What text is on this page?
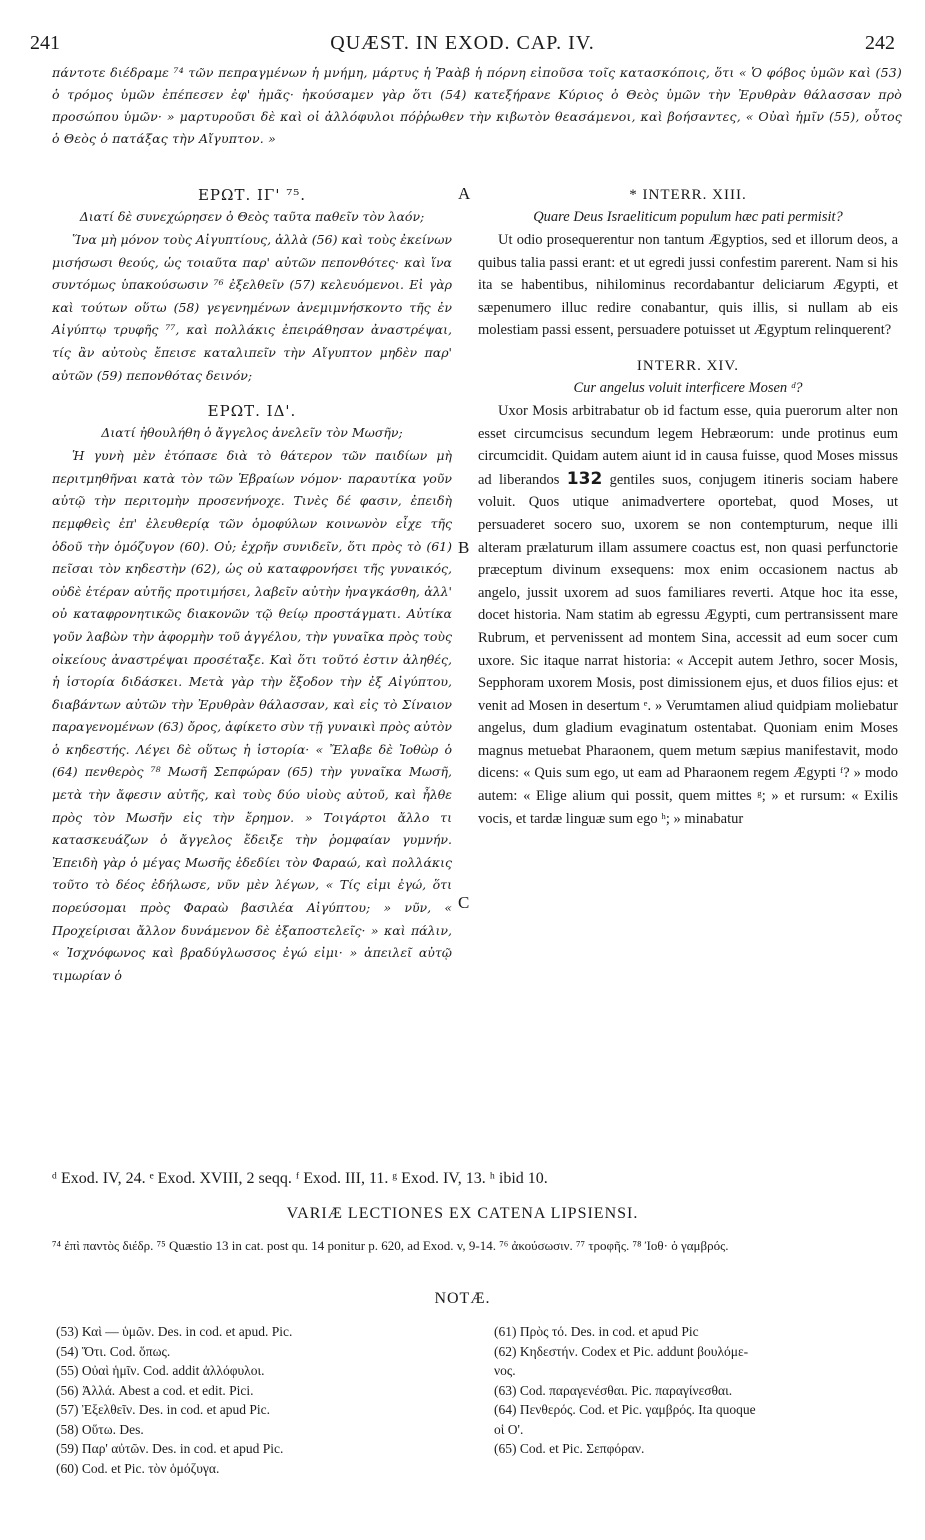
241	QUÆST. IN EXOD. CAP. IV.	242
πάντοτε διέδραμε ⁷⁴ τῶν πεπραγμένων ἡ μνήμη, μάρτυς ἡ Ῥαὰβ ἡ πόρνη εἰποῦσα τοῖς κατασκόποις, ὅτι « Ὁ φόβος ὑμῶν καὶ (53) ὁ τρόμος ὑμῶν ἐπέπεσεν ἐφ' ἡμᾶς· ἠκούσαμεν γὰρ ὅτι (54) κατεξήρανε Κύριος ὁ Θεὸς ὑμῶν τὴν Ἐρυθρὰν θάλασσαν πρὸ προσώπου ὑμῶν· » μαρτυροῦσι δὲ καὶ οἱ ἀλλόφυλοι πόῤῥωθεν τὴν κιβωτὸν θεασάμενοι, καὶ βοήσαντες, « Οὐαὶ ἡμῖν (55), οὗτος ὁ Θεὸς ὁ πατάξας τὴν Αἴγυπτον. »
ΕΡΩΤ. ΙΓ' ⁷⁵.
Διατί δὲ συνεχώρησεν ὁ Θεὸς ταῦτα παθεῖν τὸν λαόν;

Ἵνα μὴ μόνον τοὺς Αἰγυπτίους, ἀλλὰ (56) καὶ τοὺς ἐκείνων μισήσωσι θεούς, ὡς τοιαῦτα παρ' αὐτῶν πεπονθότες· καὶ ἵνα συντόμως ὑπακούσωσιν ⁷⁶ ἐξελθεῖν (57) κελευόμενοι. Εἰ γὰρ καὶ τούτων οὕτω (58) γεγενημένων ἀνεμιμνήσκοντο τῆς ἐν Αἰγύπτῳ τρυφῆς ⁷⁷, καὶ πολλάκις ἐπειράθησαν ἀναστρέψαι, τίς ἂν αὐτοὺς ἔπεισε καταλιπεῖν τὴν Αἴγυπτον μηδὲν παρ' αὐτῶν (59) πεπονθότας δεινόν;

ΕΡΩΤ. ΙΔ'.
Διατί ἠθουλήθη ὁ ἄγγελος ἀνελεῖν τὸν Μωσῆν;

Ἡ γυνὴ μὲν ἐτόπασε διὰ τὸ θάτερον τῶν παιδίων μὴ περιτμηθῆναι κατὰ τὸν τῶν Ἑβραίων νόμον· παραυτίκα γοῦν αὐτῷ τὴν περιτομὴν προσενήνοχε. Τινὲς δέ φασιν, ἐπειδὴ πεμφθεὶς ἐπ' ἐλευθερίᾳ τῶν ὁμοφύλων κοινωνὸν εἶχε τῆς ὁδοῦ τὴν ὁμόζυγον (60). Οὐ; ἐχρῆν συνιδεῖν, ὅτι πρὸς τὸ (61) πεῖσαι τὸν κηδεστὴν (62), ὡς οὐ καταφρονήσει τῆς γυναικός, οὐδὲ ἑτέραν αὐτῆς προτιμήσει, λαβεῖν αὐτὴν ἠναγκάσθη, ἀλλ' οὐ καταφρονητικῶς διακονῶν τῷ θείῳ προστάγματι. Αὐτίκα γοῦν λαβὼν τὴν ἀφορμὴν τοῦ ἀγγέλου, τὴν γυναῖκα πρὸς τοὺς οἰκείους ἀναστρέψαι προσέταξε. Καὶ ὅτι τοῦτό ἐστιν ἀληθές, ἡ ἱστορία διδάσκει. Μετὰ γὰρ τὴν ἔξοδον τὴν ἐξ Αἰγύπτου, διαβάντων αὐτῶν τὴν Ἐρυθρὰν θάλασσαν, καὶ εἰς τὸ Σίναιον παραγενομένων (63) ὄρος, ἀφίκετο σὺν τῇ γυναικὶ πρὸς αὐτὸν ὁ κηδεστής. Λέγει δὲ οὕτως ἡ ἱστορία· « Ἔλαβε δὲ Ἰοθὼρ ὁ (64) πενθερὸς ⁷⁸ Μωσῆ Σεπφώραν (65) τὴν γυναῖκα Μωσῆ, μετὰ τὴν ἄφεσιν αὐτῆς, καὶ τοὺς δύο υἱοὺς αὐτοῦ, καὶ ἦλθε πρὸς τὸν Μωσῆν εἰς τὴν ἔρημον. » Τοιγάρτοι ἄλλο τι κατασκευάζων ὁ ἄγγελος ἔδειξε τὴν ῥομφαίαν γυμνήν. Ἐπειδὴ γὰρ ὁ μέγας Μωσῆς ἐδεδίει τὸν Φαραώ, καὶ πολλάκις τοῦτο τὸ δέος ἐδήλωσε, νῦν μὲν λέγων, « Τίς εἰμι ἐγώ, ὅτι πορεύσομαι πρὸς Φαραὼ βασιλέα Αἰγύπτου; » νῦν, « Προχείρισαι ἄλλον δυνάμενον δὲ ἐξαποστελεῖς· » καὶ πάλιν, « Ἰσχνόφωνος καὶ βραδύγλωσσος ἐγώ εἰμι· » ἀπειλεῖ αὐτῷ τιμωρίαν ὁ

* INTERR. XIII.
Quare Deus Israeliticum populum hæc pati permisit?

Ut odio prosequerentur non tantum Ægyptios, sed et illorum deos, a quibus talia passi erant: et ut egredi jussi confestim parerent. Nam si his ita se habentibus, nihilominus recordabantur deliciarum Ægypti, et sæpenumero illuc redire conabantur, quis illis, si nullam ab eis molestiam passi essent, persuadere potuisset ut Ægyptum relinquerent?

INTERR. XIV.
Cur angelus voluit interficere Mosen ᵈ?

Uxor Mosis arbitrabatur ob id factum esse, quia puerorum alter non esset circumcisus secundum legem Hebræorum: unde protinus eum circumcidit. Quidam autem aiunt id in causa fuisse, quod Moses missus ad liberandos 132 gentiles suos, conjugem itineris sociam habere voluit. Quos utique animadvertere oportebat, quod Moses, ut persuaderet socero suo, uxorem se non contempturum, neque illi alteram prælaturum illam assumere coactus est, non quasi perfunctorie præceptum divinum exsequens: mox enim occasionem nactus ab angelo, jussit uxorem ad suos familiares reverti. Atque hoc ita esse, docet historia. Nam statim ab egressu Ægypti, cum pertransissent mare Rubrum, et pervenissent ad montem Sina, accessit ad eum socer cum uxore. Sic itaque narrat historia: « Accepit autem Jethro, socer Mosis, Sepphoram uxorem Mosis, post dimissionem ejus, et duos filios ejus: et venit ad Mosen in desertum ᵉ. » Verumtamen aliud quidpiam moliebatur angelus, dum gladium evaginatum ostentabat. Quoniam enim Moses magnus metuebat Pharaonem, quem metum sæpius manifestavit, modo dicens: « Quis sum ego, ut eam ad Pharaonem regem Ægypti ᶠ? » modo autem: « Elige alium qui possit, quem mittes ᵍ; » et rursum: « Exilis vocis, et tardæ linguæ sum ego ʰ; » minabatur

A
B
C
ᵈ Exod. IV, 24. ᵉ Exod. XVIII, 2 seqq. ᶠ Exod. III, 11. ᵍ Exod. IV, 13. ʰ ibid 10.
VARIÆ LECTIONES EX CATENA LIPSIENSI.
⁷⁴ ἐπὶ παντὸς διέδρ. ⁷⁵ Quæstio 13 in cat. post qu. 14 ponitur p. 620, ad Exod. v, 9-14. ⁷⁶ ἀκούσωσιν. ⁷⁷ τροφῆς. ⁷⁸ Ἰοθ· ὁ γαμβρός.
NOTÆ.
(53) Καὶ — ὑμῶν. Des. in cod. et apud. Pic.
(54) Ὅτι. Cod. ὅπως.
(55) Οὐαὶ ἡμῖν. Cod. addit ἀλλόφυλοι.
(56) Ἀλλά. Abest a cod. et edit. Pici.
(57) Ἐξελθεῖν. Des. in cod. et apud Pic.
(58) Οὕτω. Des.
(59) Παρ' αὐτῶν. Des. in cod. et apud Pic.
(60) Cod. et Pic. τὸν ὁμόζυγα.
(61) Πρὸς τό. Des. in cod. et apud Pic
(62) Κηδεστήν. Codex et Pic. addunt βουλόμε-
νος.
(63) Cod. παραγενέσθαι. Pic. παραγίνεσθαι.
(64) Πενθερός. Cod. et Pic. γαμβρός. Ita quoque
οἱ Ο'.
(65) Cod. et Pic. Σεπφόραν.
